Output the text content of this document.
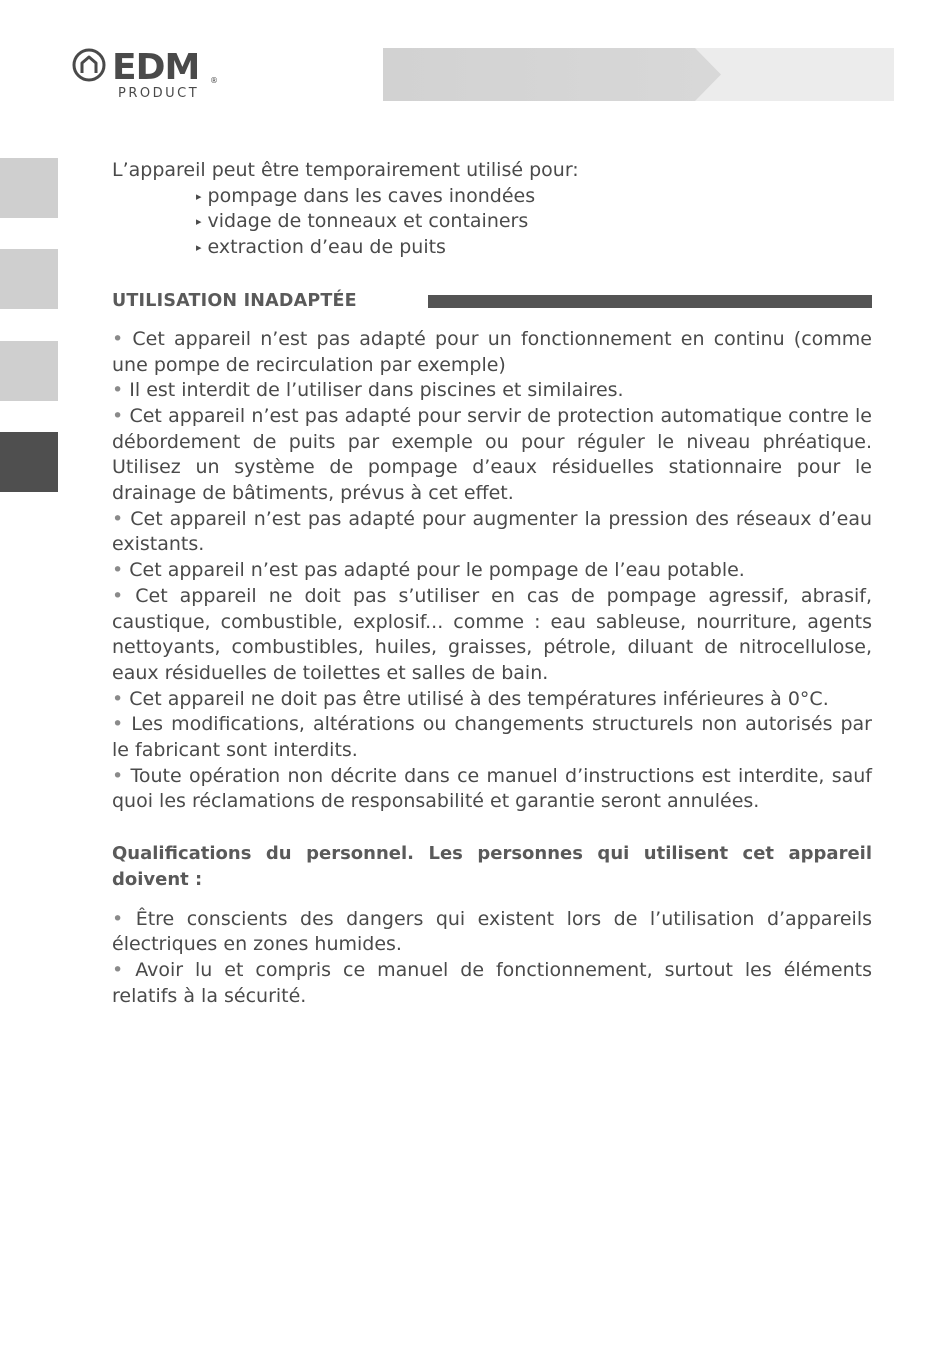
EDM ®
PRODUCT

L’appareil peut être temporairement utilisé pour:

▸ pompage dans les caves inondées
▸ vidage de tonneaux et containers
▸ extraction d’eau de puits
UTILISATION INADAPTÉE

• Cet appareil n’est pas adapté pour un fonctionnement en continu (comme une pompe de recirculation par exemple)

• Il est interdit de l’utiliser dans piscines et similaires.

• Cet appareil n’est pas adapté pour servir de protection automatique contre le débordement de puits par exemple ou pour réguler le niveau phréatique. Utilisez un système de pompage d’eaux résiduelles stationnaire pour le drainage de bâtiments, prévus à cet effet.

• Cet appareil n’est pas adapté pour augmenter la pression des réseaux d’eau existants.

• Cet appareil n’est pas adapté pour le pompage de l’eau potable.

• Cet appareil ne doit pas s’utiliser en cas de pompage agressif, abrasif, caustique, combustible, explosif... comme : eau sableuse, nourriture, agents nettoyants, combustibles, huiles, graisses, pétrole, diluant de nitrocellulose, eaux résiduelles de toilettes et salles de bain.

• Cet appareil ne doit pas être utilisé à des températures inférieures à 0°C.

• Les modifications, altérations ou changements structurels non autorisés par le fabricant sont interdits.

• Toute opération non décrite dans ce manuel d’instructions est interdite, sauf quoi les réclamations de responsabilité et garantie seront annulées.

Qualifications du personnel. Les personnes qui utilisent cet appareil doivent :

• Être conscients des dangers qui existent lors de l’utilisation d’appareils électriques en zones humides.

• Avoir lu et compris ce manuel de fonctionnement, surtout les éléments relatifs à la sécurité.
